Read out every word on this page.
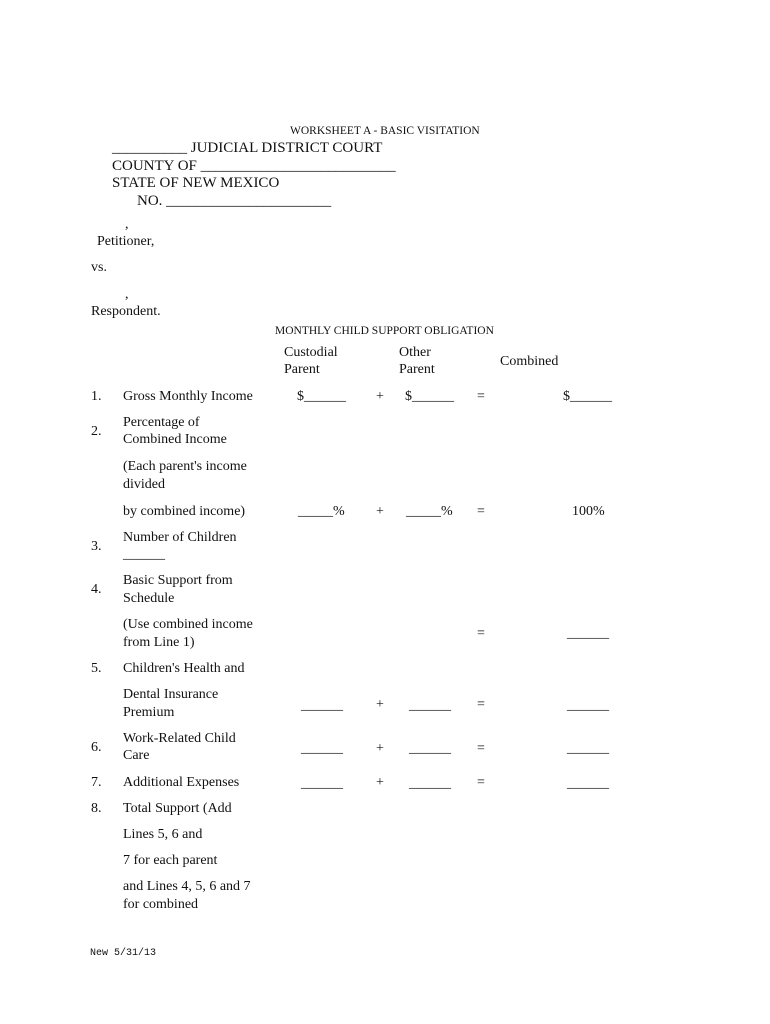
WORKSHEET A - BASIC VISITATION
__________ JUDICIAL DISTRICT COURT
COUNTY OF __________________________
STATE OF NEW MEXICO
NO. ______________________
,
Petitioner,
vs.
,
Respondent.
MONTHLY CHILD SUPPORT OBLIGATION
Custodial
Parent
Other
Parent
Combined
1. Gross Monthly Income	$______ + $______ =	$______
2.
Percentage of
Combined Income
(Each parent's income
divided
by combined income)	_____% + _____% =	100%
3.
Number of Children
______
4.
Basic Support from
Schedule
(Use combined income
from Line 1)
=	______
5. Children's Health and
Dental Insurance
Premium	______ + ______ =	______
6.
Work-Related Child
Care	______ + ______ =	______
7. Additional Expenses	______ + ______ =	______
8. Total Support (Add
Lines 5, 6 and
7 for each parent
and Lines 4, 5, 6 and 7
for combined
New 5/31/13
